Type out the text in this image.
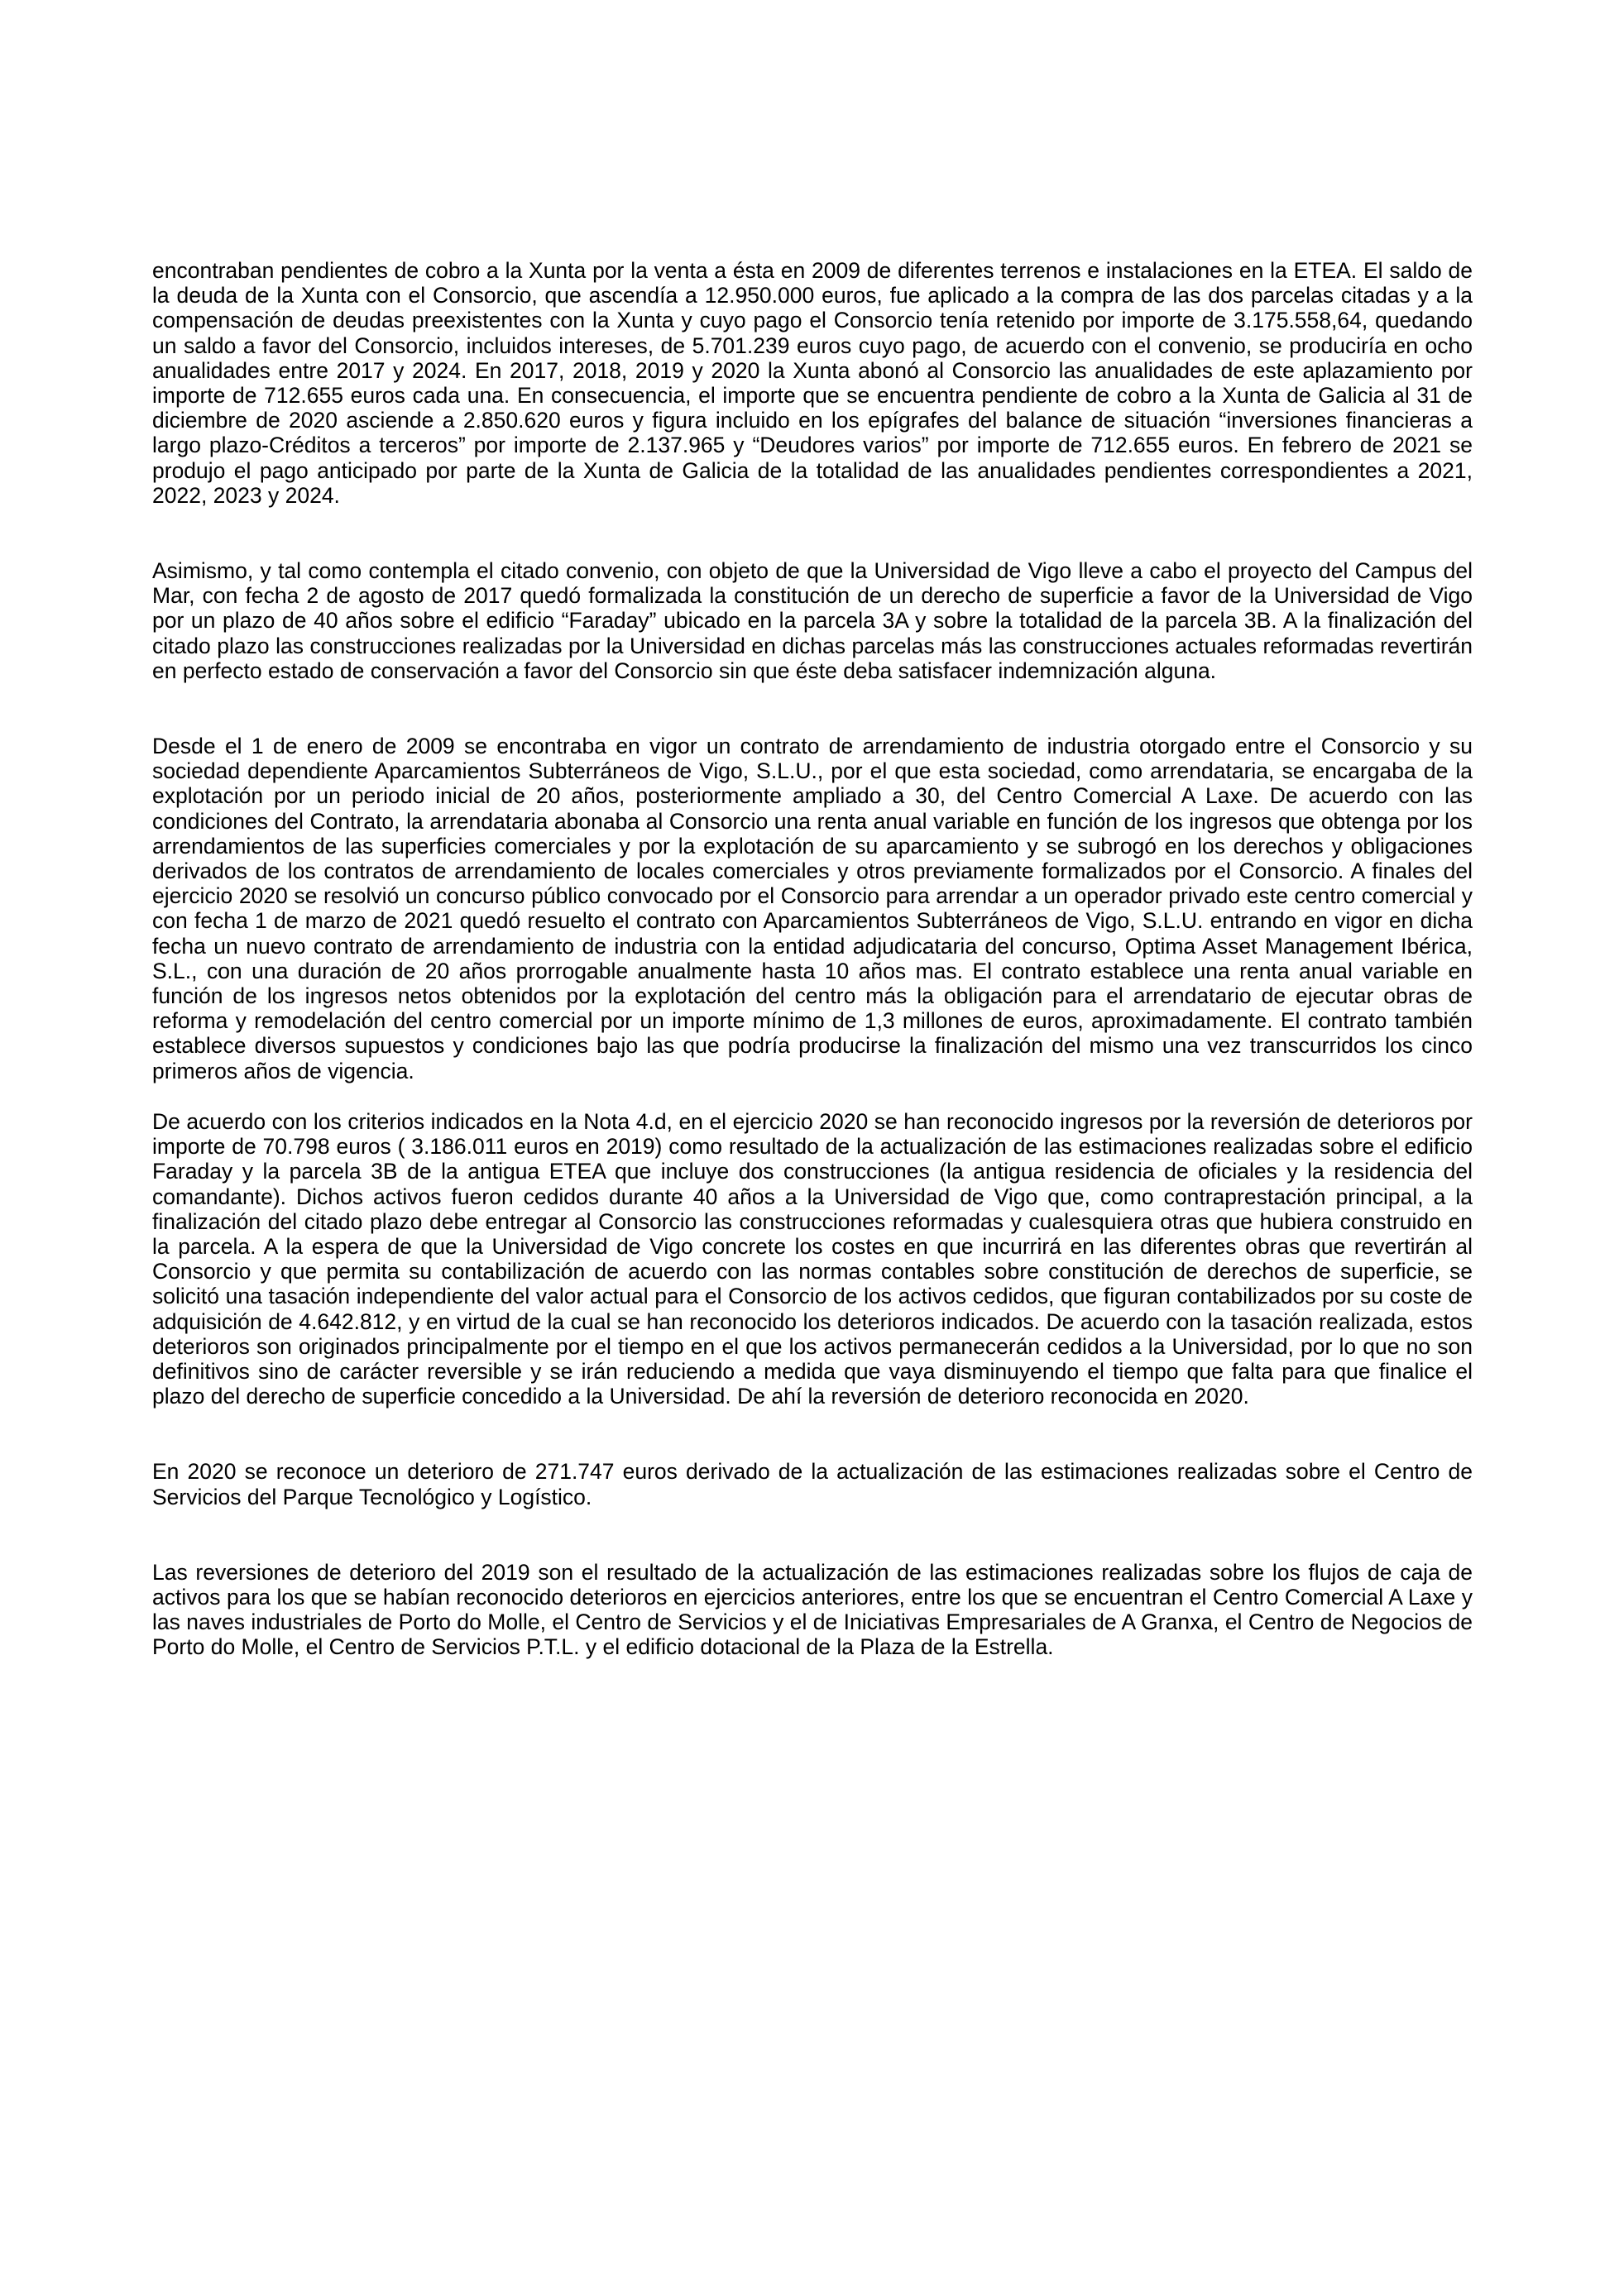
encontraban pendientes de cobro a la Xunta por la venta a ésta en 2009 de diferentes terrenos e instalaciones en la ETEA. El saldo de la deuda de la Xunta con el Consorcio, que ascendía a 12.950.000 euros, fue aplicado a la compra de las dos parcelas citadas y a la compensación de deudas preexistentes con la Xunta y cuyo pago el Consorcio tenía retenido por importe de 3.175.558,64, quedando un saldo a favor del Consorcio, incluidos intereses, de 5.701.239 euros cuyo pago, de acuerdo con el convenio, se produciría en ocho anualidades entre 2017 y 2024. En 2017, 2018, 2019 y 2020 la Xunta abonó al Consorcio las anualidades de este aplazamiento por importe de 712.655 euros cada una. En consecuencia, el importe que se encuentra pendiente de cobro a la Xunta de Galicia al 31 de diciembre de 2020 asciende a 2.850.620 euros y figura incluido en los epígrafes del balance de situación “inversiones financieras a largo plazo-Créditos a terceros” por importe de 2.137.965 y “Deudores varios” por importe de 712.655 euros. En febrero de 2021 se produjo el pago anticipado por parte de la Xunta de Galicia de la totalidad de las anualidades pendientes correspondientes a 2021, 2022, 2023 y 2024.

Asimismo, y tal como contempla el citado convenio, con objeto de que la Universidad de Vigo lleve a cabo el proyecto del Campus del Mar, con fecha 2 de agosto de 2017 quedó formalizada la constitución de un derecho de superficie a favor de la Universidad de Vigo por un plazo de 40 años sobre el edificio “Faraday” ubicado en la parcela 3A y sobre la totalidad de la parcela 3B. A la finalización del citado plazo las construcciones realizadas por la Universidad en dichas parcelas más las construcciones actuales reformadas revertirán en perfecto estado de conservación a favor del Consorcio sin que éste deba satisfacer indemnización alguna.

Desde el 1 de enero de 2009 se encontraba en vigor un contrato de arrendamiento de industria otorgado entre el Consorcio y su sociedad dependiente Aparcamientos Subterráneos de Vigo, S.L.U., por el que esta sociedad, como arrendataria, se encargaba de la explotación por un periodo inicial de 20 años, posteriormente ampliado a 30, del Centro Comercial A Laxe. De acuerdo con las condiciones del Contrato, la arrendataria abonaba al Consorcio una renta anual variable en función de los ingresos que obtenga por los arrendamientos de las superficies comerciales y por la explotación de su aparcamiento y se subrogó en los derechos y obligaciones derivados de los contratos de arrendamiento de locales comerciales y otros previamente formalizados por el Consorcio. A finales del ejercicio 2020 se resolvió un concurso público convocado por el Consorcio para arrendar a un operador privado este centro comercial y con fecha 1 de marzo de 2021 quedó resuelto el contrato con Aparcamientos Subterráneos de Vigo, S.L.U. entrando en vigor en dicha fecha un nuevo contrato de arrendamiento de industria con la entidad adjudicataria del concurso, Optima Asset Management Ibérica, S.L., con una duración de 20 años prorrogable anualmente hasta 10 años mas. El contrato establece una renta anual variable en función de los ingresos netos obtenidos por la explotación del centro más la obligación para el arrendatario de ejecutar obras de reforma y remodelación del centro comercial por un importe mínimo de 1,3 millones de euros, aproximadamente. El contrato también establece diversos supuestos y condiciones bajo las que podría producirse la finalización del mismo una vez transcurridos los cinco primeros años de vigencia.

De acuerdo con los criterios indicados en la Nota 4.d, en el ejercicio 2020 se han reconocido ingresos por la reversión de deterioros por importe de 70.798 euros ( 3.186.011 euros en 2019) como resultado de la actualización de las estimaciones realizadas sobre el edificio Faraday y la parcela 3B de la antigua ETEA que incluye dos construcciones (la antigua residencia de oficiales y la residencia del comandante). Dichos activos fueron cedidos durante 40 años a la Universidad de Vigo que, como contraprestación principal, a la finalización del citado plazo debe entregar al Consorcio las construcciones reformadas y cualesquiera otras que hubiera construido en la parcela. A la espera de que la Universidad de Vigo concrete los costes en que incurrirá en las diferentes obras que revertirán al Consorcio y que permita su contabilización de acuerdo con las normas contables sobre constitución de derechos de superficie, se solicitó una tasación independiente del valor actual para el Consorcio de los activos cedidos, que figuran contabilizados por su coste de adquisición de 4.642.812, y en virtud de la cual se han reconocido los deterioros indicados. De acuerdo con la tasación realizada, estos deterioros son originados principalmente por el tiempo en el que los activos permanecerán cedidos a la Universidad, por lo que no son definitivos sino de carácter reversible y se irán reduciendo a medida que vaya disminuyendo el tiempo que falta para que finalice el plazo del derecho de superficie concedido a la Universidad. De ahí la reversión de deterioro reconocida en 2020.

En 2020 se reconoce un deterioro de 271.747 euros derivado de la actualización de las estimaciones realizadas sobre el Centro de Servicios del Parque Tecnológico y Logístico.

Las reversiones de deterioro del 2019 son el resultado de la actualización de las estimaciones realizadas sobre los flujos de caja de activos para los que se habían reconocido deterioros en ejercicios anteriores, entre los que se encuentran el Centro Comercial A Laxe y las naves industriales de Porto do Molle, el Centro de Servicios y el de Iniciativas Empresariales de A Granxa, el Centro de Negocios de Porto do Molle, el Centro de Servicios P.T.L. y el edificio dotacional de la Plaza de la Estrella.
